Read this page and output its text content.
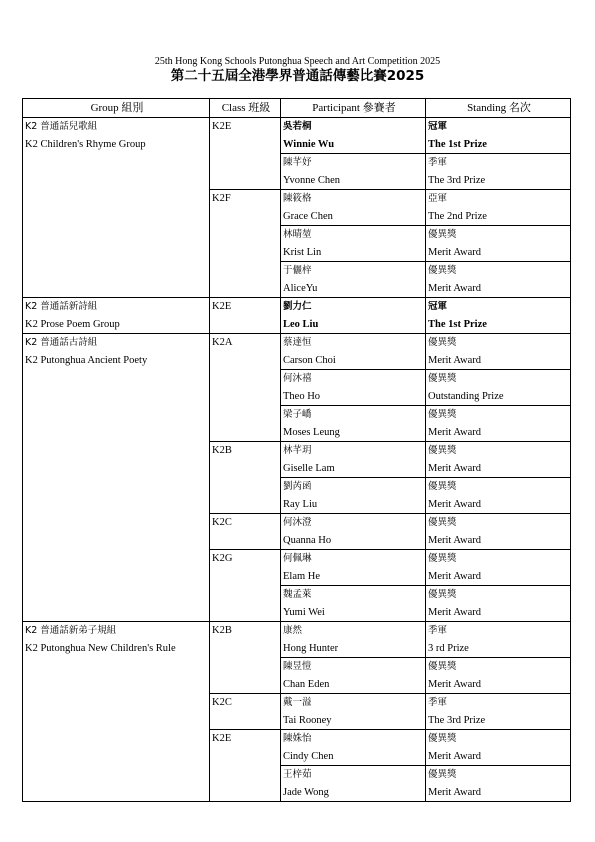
25th Hong Kong Schools Putonghua Speech and Art Competition 2025
第二十五屆全港學界普通話傳藝比賽2025
Group 組別	Class 班級	Participant 參賽者	Standing 名次

K2 普通話兒歌組
K2 Children's Rhyme Group	K2E	吳若桐
Winnie Wu	冠軍
The 1st Prize

		陳芊妤
Yvonne Chen	季軍
The 3rd Prize

	K2F	陳筱格
Grace Chen	亞軍
The 2nd Prize

		林晴堃
Krist Lin	優異獎
Merit Award

		于儷梓
AliceYu	優異獎
Merit Award

K2 普通話新詩組
K2 Prose Poem Group	K2E	劉力仁
Leo Liu	冠軍
The 1st Prize

K2 普通話古詩組
K2 Putonghua Ancient Poety	K2A	蔡達恒
Carson Choi	優異獎
Merit Award

		何沐禧
Theo Ho	優異獎
Outstanding Prize

		梁子嶠
Moses Leung	優異獎
Merit Award

	K2B	林芊玥
Giselle Lam	優異獎
Merit Award

		劉芮函
Ray Liu	優異獎
Merit Award

	K2C	何沐澄
Quanna Ho	優異獎
Merit Award

	K2G	何佩琳
Elam He	優異獎
Merit Award

		魏孟萊
Yumi Wei	優異獎
Merit Award

K2 普通話新弟子規組
K2 Putonghua New Children's Rule	K2B	康然
Hong Hunter	季軍
3 rd Prize

		陳昱愷
Chan Eden	優異獎
Merit Award

	K2C	戴一溢
Tai Rooney	季軍
The 3rd Prize

	K2E	陳姝怡
Cindy Chen	優異獎
Merit Award

		王梓茹
Jade Wong	優異獎
Merit Award
